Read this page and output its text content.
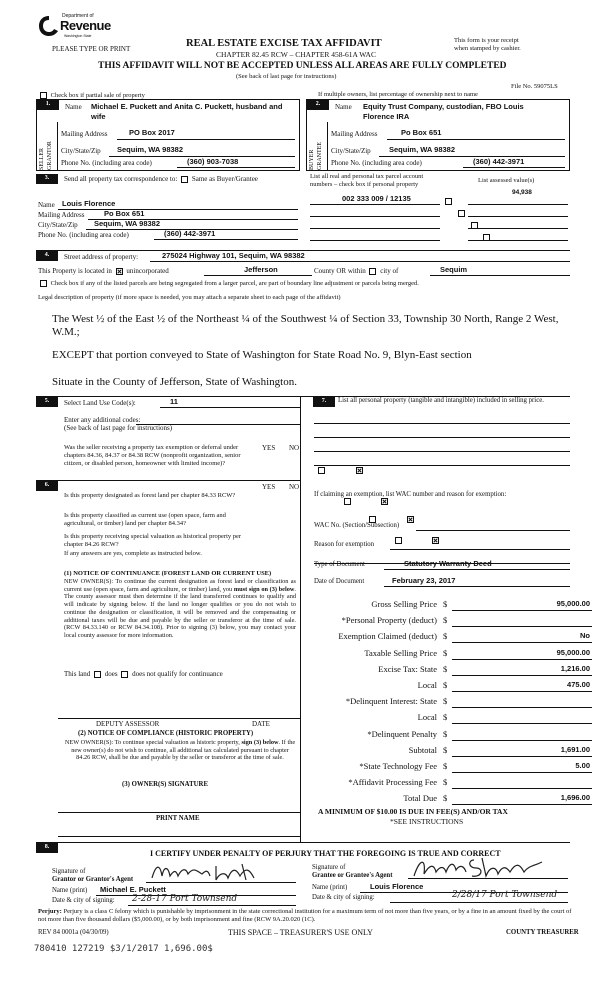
Department of
Revenue
Washington State
PLEASE TYPE OR PRINT	REAL ESTATE EXCISE TAX AFFIDAVIT
CHAPTER 82.45 RCW – CHAPTER 458-61A WAC
THIS AFFIDAVIT WILL NOT BE ACCEPTED UNLESS ALL AREAS ARE FULLY COMPLETED
(See back of last page for instructions)
This form is your receipt
when stamped by cashier.
File No. 59075LS
Check box if partial sale of property	If multiple owners, list percentage of ownership next to name
1.	Name Michael E. Puckett and Anita C. Puckett, husband and wife
SELLER GRANTOR
Mailing Address	PO Box 2017
City/State/Zip Sequim, WA 98382
Phone No. (including area code)	(360) 903-7038
2.	Name Equity Trust Company, custodian, FBO Louis Florence IRA
BUYER GRANTEE
Mailing Address	Po Box 651
City/State/Zip Sequim, WA 98382
Phone No. (including area code)	(360) 442-3971
3.	Send all property tax correspondence to: Same as Buyer/Grantee	List all real and personal tax parcel account
numbers – check box if personal property
List assessed value(s)
94,938
Name Louis Florence
Mailing Address	Po Box 651
City/State/Zip Sequim, WA 98382
Phone No. (including area code)	(360) 442-3971
002 333 009 / 12135

4.	Street address of property:	275024 Highway 101, Sequim, WA 98382
This Property is located in unincorporated	Jefferson	County OR within city of	Sequim
Check box if any of the listed parcels are being segregated from a larger parcel, are part of boundary line adjustment or parcels being merged.
Legal description of property (if more space is needed, you may attach a separate sheet to each page of the affidavit)
The West ½ of the East ½ of the Northeast ¼ of the Southwest ¼ of Section 33, Township 30 North, Range 2 West, W.M.;
EXCEPT that portion conveyed to State of Washington for State Road No. 9, Blyn-East section
Situate in the County of Jefferson, State of Washington.
5.	Select Land Use Code(s):	11
Enter any additional codes:
(See back of last page for instructions)
YES NO
Was the seller receiving a property tax exemption or deferral under chapters 84.36, 84.37 or 84.38 RCW (nonprofit organization, senior citizen, or disabled person, homeowner with limited income)?

6.	YES NO
Is this property designated as forest land per chapter 84.33 RCW?

Is this property classified as current use (open space, farm and agricultural, or timber) land per chapter 84.34?

Is this property receiving special valuation as historical property per chapter 84.26 RCW?

If any answers are yes, complete as instructed below.
(1) NOTICE OF CONTINUANCE (FOREST LAND OR CURRENT USE)
NEW OWNER(S): To continue the current designation as forest land or classification as current use (open space, farm and agriculture, or timber) land, you must sign on (3) below. The county assessor must then determine if the land transferred continues to qualify and will indicate by signing below. If the land no longer qualifies or you do not wish to continue the designation or classification, it will be removed and the compensating or additional taxes will be due and payable by the seller or transferor at the time of sale. (RCW 84.33.140 or RCW 84.34.108). Prior to signing (3) below, you may contact your local county assessor for more information.
This land does does not qualify for continuance
DEPUTY ASSESSOR	DATE
(2) NOTICE OF COMPLIANCE (HISTORIC PROPERTY)
NEW OWNER(S): To continue special valuation as historic property, sign (3) below. If the new owner(s) do not wish to continue, all additional tax calculated pursuant to chapter 84.26 RCW, shall be due and payable by the seller or transferor at the time of sale.
(3) OWNER(S) SIGNATURE
PRINT NAME
7.	List all personal property (tangible and intangible) included in selling price.
If claiming an exemption, list WAC number and reason for exemption:
WAC No. (Section/Subsection)
Reason for exemption
Type of Document	Statutory Warranty Deed
Date of Document	February 23, 2017
Gross Selling Price $	95,000.00
*Personal Property (deduct) $
Exemption Claimed (deduct) $	No
Taxable Selling Price $	95,000.00
Excise Tax: State $	1,216.00
Local $	475.00
*Delinquent Interest: State $
Local $
*Delinquent Penalty $
Subtotal $	1,691.00
*State Technology Fee $	5.00
*Affidavit Processing Fee $
Total Due $	1,696.00
A MINIMUM OF $10.00 IS DUE IN FEE(S) AND/OR TAX
*SEE INSTRUCTIONS
8.
I CERTIFY UNDER PENALTY OF PERJURY THAT THE FOREGOING IS TRUE AND CORRECT
Signature of
Grantor or Grantor's Agent
Name (print) Michael E. Puckett
Date & city of signing: 2-28-17 Port Townsend
Signature of
Grantee or Grantee's Agent
Name (print)	Louis Florence
Date & city of signing:	2/28/17 Port Townsend
Perjury: Perjury is a class C felony which is punishable by imprisonment in the state correctional institution for a maximum term of not more than five years, or by a fine in an amount fixed by the court of not more than five thousand dollars ($5,000.00), or by both imprisonment and fine (RCW 9A.20.020 (1C).
REV 84 0001a (04/30/09)	THIS SPACE – TREASURER'S USE ONLY	COUNTY TREASURER
780410 127219 $3/1/2017 1,696.00$
